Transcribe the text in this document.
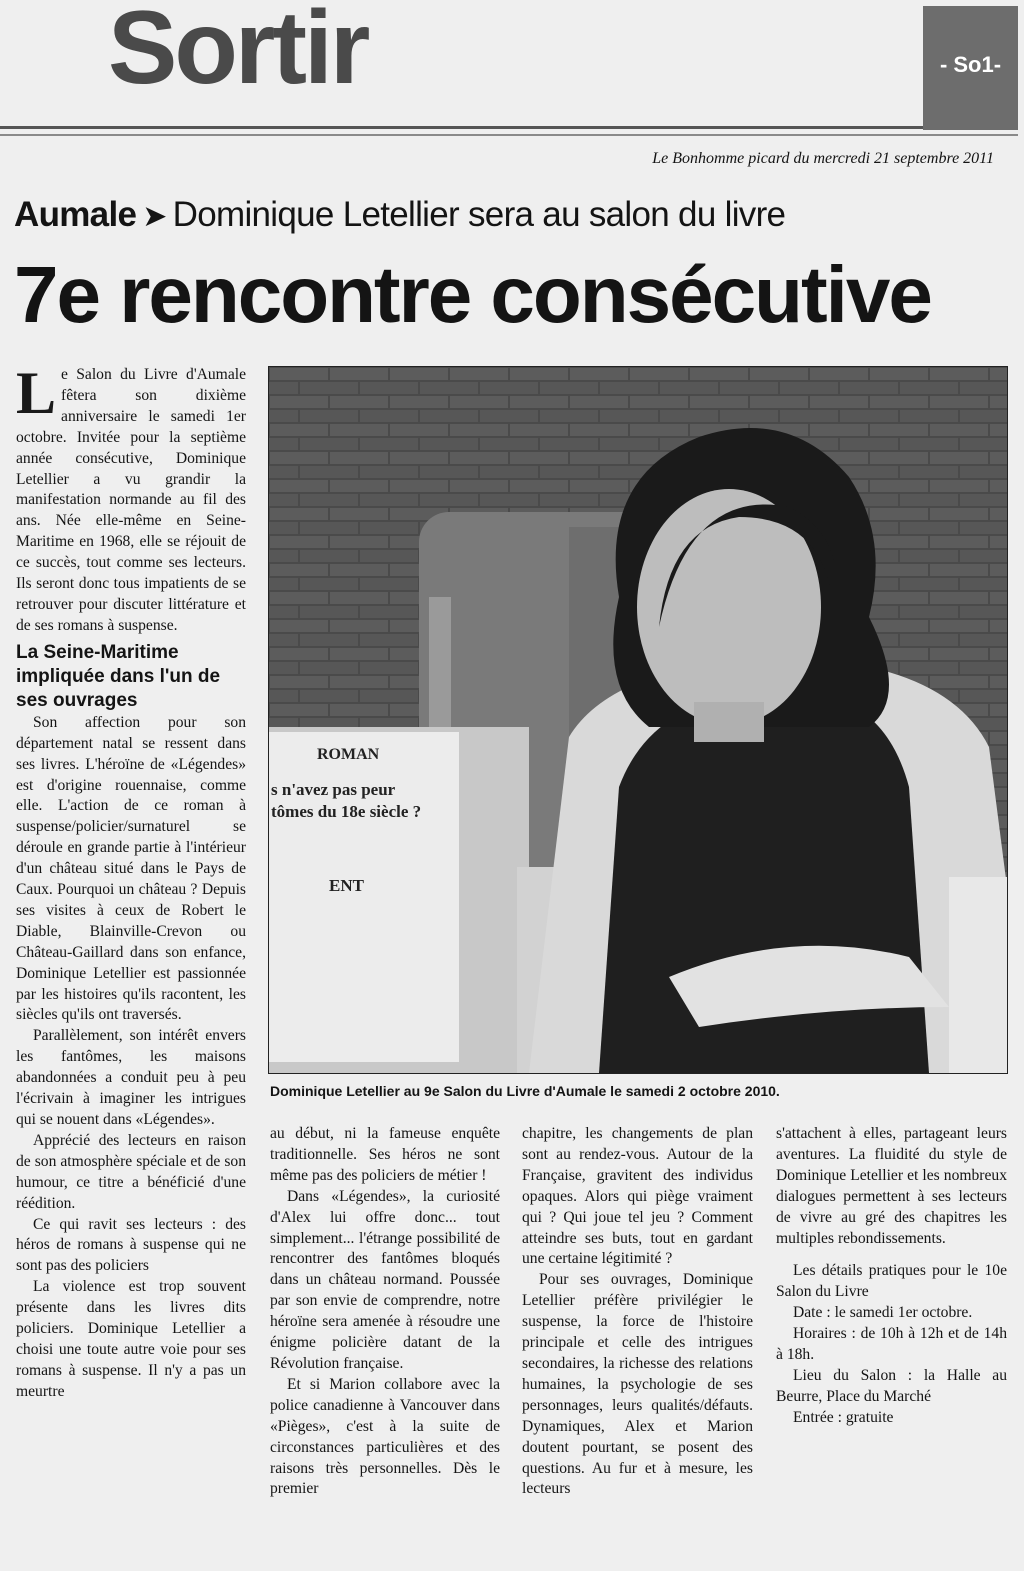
Sortir	- So1-
Le Bonhomme picard du mercredi 21 septembre 2011
Aumale ➤ Dominique Letellier sera au salon du livre
7e rencontre consécutive

Le Salon du Livre d'Aumale fêtera son dixième anniversaire le samedi 1er octobre. Invitée pour la septième année consécutive, Dominique Letellier a vu grandir la manifestation normande au fil des ans. Née elle-même en Seine-Maritime en 1968, elle se réjouit de ce succès, tout comme ses lecteurs. Ils seront donc tous impatients de se retrouver pour discuter littérature et de ses romans à suspense.

La Seine-Maritime impliquée dans l'un de ses ouvrages

Son affection pour son département natal se ressent dans ses livres. L'héroïne de «Légendes» est d'origine rouennaise, comme elle. L'action de ce roman à suspense/policier/surnaturel se déroule en grande partie à l'intérieur d'un château situé dans le Pays de Caux. Pourquoi un château ? Depuis ses visites à ceux de Robert le Diable, Blainville-Crevon ou Château-Gaillard dans son enfance, Dominique Letellier est passionnée par les histoires qu'ils racontent, les siècles qu'ils ont traversés.

Parallèlement, son intérêt envers les fantômes, les maisons abandonnées a conduit peu à peu l'écrivain à imaginer les intrigues qui se nouent dans «Légendes».

Apprécié des lecteurs en raison de son atmosphère spéciale et de son humour, ce titre a bénéficié d'une réédition.

Ce qui ravit ses lecteurs : des héros de romans à suspense qui ne sont pas des policiers

La violence est trop souvent présente dans les livres dits policiers. Dominique Letellier a choisi une toute autre voie pour ses romans à suspense. Il n'y a pas un meurtre

ROMAN
s n'avez pas peur
tômes du 18e siècle ?
ENT
Dominique Letellier au 9e Salon du Livre d'Aumale le samedi 2 octobre 2010.

au début, ni la fameuse enquête traditionnelle. Ses héros ne sont même pas des policiers de métier !

Dans «Légendes», la curiosité d'Alex lui offre donc... tout simplement... l'étrange possibilité de rencontrer des fantômes bloqués dans un château normand. Poussée par son envie de comprendre, notre héroïne sera amenée à résoudre une énigme policière datant de la Révolution française.

Et si Marion collabore avec la police canadienne à Vancouver dans «Pièges», c'est à la suite de circonstances particulières et des raisons très personnelles. Dès le premier

chapitre, les changements de plan sont au rendez-vous. Autour de la Française, gravitent des individus opaques. Alors qui piège vraiment qui ? Qui joue tel jeu ? Comment atteindre ses buts, tout en gardant une certaine légitimité ?

Pour ses ouvrages, Dominique Letellier préfère privilégier le suspense, la force de l'histoire principale et celle des intrigues secondaires, la richesse des relations humaines, la psychologie de ses personnages, leurs qualités/défauts. Dynamiques, Alex et Marion doutent pourtant, se posent des questions. Au fur et à mesure, les lecteurs

s'attachent à elles, partageant leurs aventures. La fluidité du style de Dominique Letellier et les nombreux dialogues permettent à ses lecteurs de vivre au gré des chapitres les multiples rebondissements.

Les détails pratiques pour le 10e Salon du Livre

Date : le samedi 1er octobre.

Horaires : de 10h à 12h et de 14h à 18h.

Lieu du Salon : la Halle au Beurre, Place du Marché

Entrée : gratuite
